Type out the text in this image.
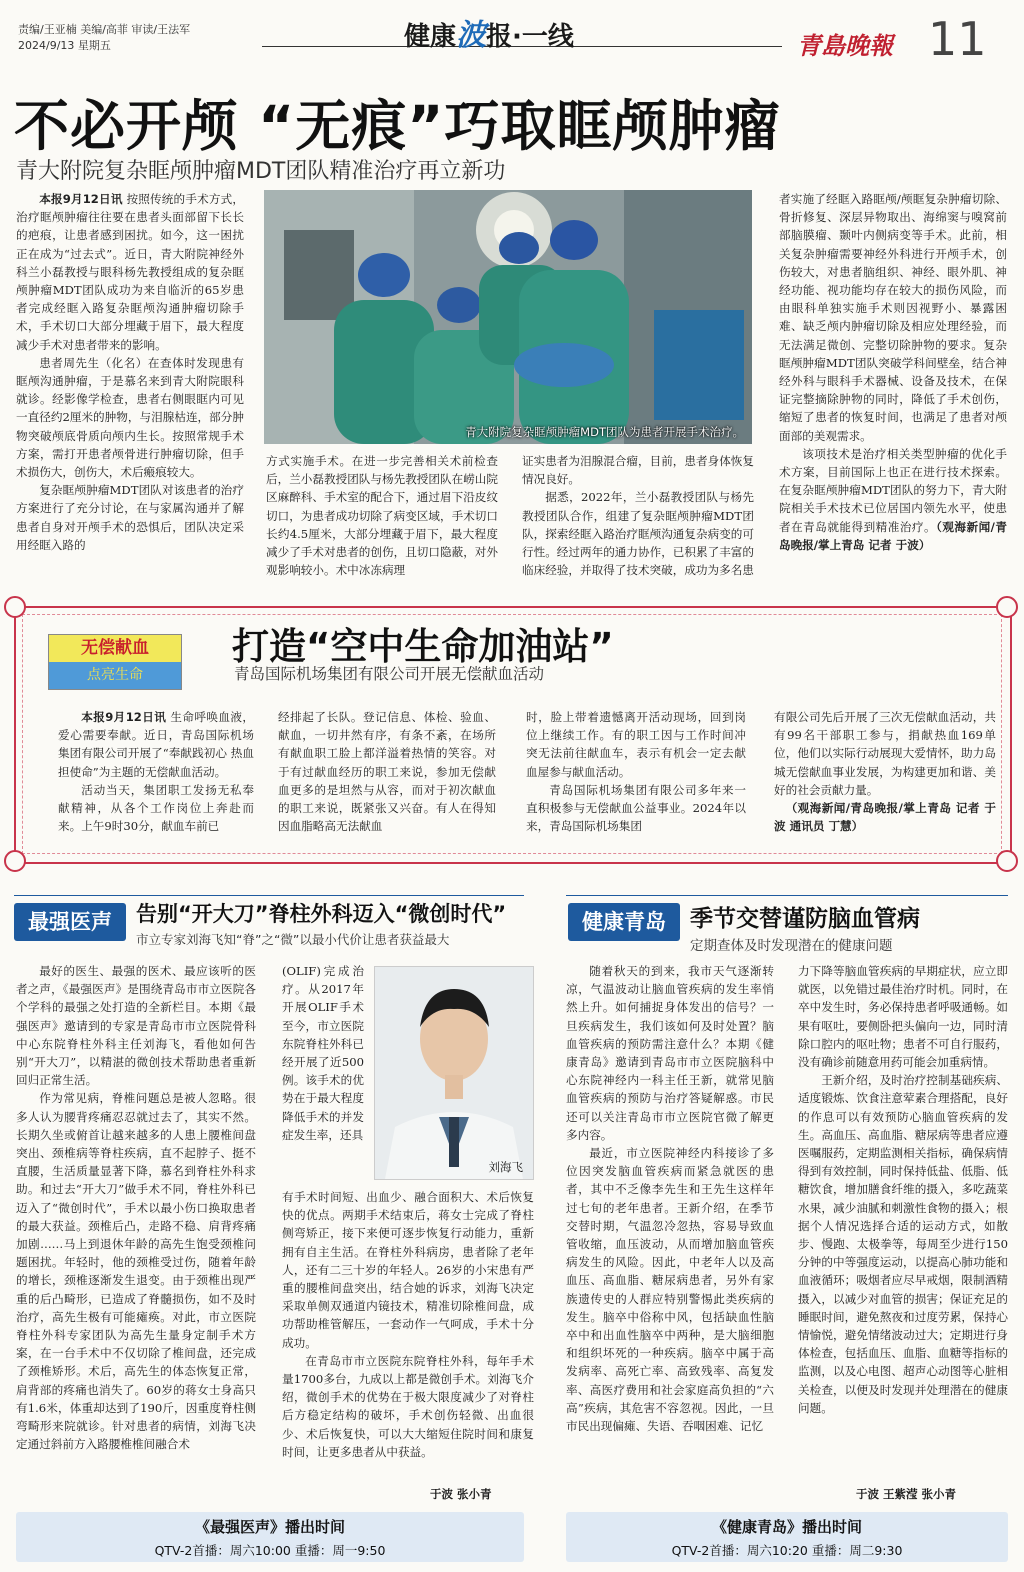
责编/王亚楠 美编/高菲 审读/王法军
2024/9/13 星期五	健康波报·一线	青島晚報 11
不必开颅 “无痕”巧取眶颅肿瘤
青大附院复杂眶颅肿瘤MDT团队精准治疗再立新功

本报9月12日讯 按照传统的手术方式，治疗眶颅肿瘤往往要在患者头面部留下长长的疤痕，让患者感到困扰。如今，这一困扰正在成为“过去式”。近日，青大附院神经外科兰小磊教授与眼科杨先教授组成的复杂眶颅肿瘤MDT团队成功为来自临沂的65岁患者完成经眶入路复杂眶颅沟通肿瘤切除手术，手术切口大部分埋藏于眉下，最大程度减少手术对患者带来的影响。

患者周先生（化名）在查体时发现患有眶颅沟通肿瘤，于是慕名来到青大附院眼科就诊。经影像学检查，患者右侧眼眶内可见一直径约2厘米的肿物，与泪腺枯连，部分肿物突破颅底骨质向颅内生长。按照常规手术方案，需打开患者颅骨进行肿瘤切除，但手术损伤大，创伤大，术后瘢痕较大。

复杂眶颅肿瘤MDT团队对该患者的治疗方案进行了充分讨论，在与家属沟通并了解患者自身对开颅手术的恐惧后，团队决定采用经眶入路的

青大附院复杂眶颅肿瘤MDT团队为患者开展手术治疗。

方式实施手术。在进一步完善相关术前检查后，兰小磊教授团队与杨先教授团队在崂山院区麻醉科、手术室的配合下，通过眉下沿皮纹切口，为患者成功切除了病变区域，手术切口长约4.5厘米，大部分埋藏于眉下，最大程度减少了手术对患者的创伤，且切口隐蔽，对外观影响较小。术中冰冻病理

证实患者为泪腺混合瘤，目前，患者身体恢复情况良好。

据悉，2022年，兰小磊教授团队与杨先教授团队合作，组建了复杂眶颅肿瘤MDT团队，探索经眶入路治疗眶颅沟通复杂病变的可行性。经过两年的通力协作，已积累了丰富的临床经验，并取得了技术突破，成功为多名患

者实施了经眶入路眶颅/颅眶复杂肿瘤切除、骨折修复、深层异物取出、海绵窦与嗅窝前部脑膜瘤、颞叶内侧病变等手术。此前，相关复杂肿瘤需要神经外科进行开颅手术，创伤较大，对患者脑组织、神经、眼外肌、神经功能、视功能均存在较大的损伤风险，而由眼科单独实施手术则因视野小、暴露困难、缺乏颅内肿瘤切除及相应处理经验，而无法满足微创、完整切除肿物的要求。复杂眶颅肿瘤MDT团队突破学科间壁垒，结合神经外科与眼科手术器械、设备及技术，在保证完整摘除肿物的同时，降低了手术创伤，缩短了患者的恢复时间，也满足了患者对颅面部的美观需求。

该项技术是治疗相关类型肿瘤的优化手术方案，目前国际上也正在进行技术探索。在复杂眶颅肿瘤MDT团队的努力下，青大附院相关手术技术已位居国内领先水平，使患者在青岛就能得到精准治疗。（观海新闻/青岛晚报/掌上青岛 记者 于波）

无偿献血
点亮生命
打造“空中生命加油站”
青岛国际机场集团有限公司开展无偿献血活动

本报9月12日讯 生命呼唤血液，爱心需要奉献。近日，青岛国际机场集团有限公司开展了“奉献践初心 热血担使命”为主题的无偿献血活动。

活动当天，集团职工发扬无私奉献精神，从各个工作岗位上奔赴而来。上午9时30分，献血车前已

经排起了长队。登记信息、体检、验血、献血，一切井然有序，有条不紊，在场所有献血职工脸上都洋溢着热情的笑容。对于有过献血经历的职工来说，参加无偿献血更多的是坦然与从容，而对于初次献血的职工来说，既紧张又兴奋。有人在得知因血脂略高无法献血

时，脸上带着遗憾离开活动现场，回到岗位上继续工作。有的职工因与工作时间冲突无法前往献血车，表示有机会一定去献血屋参与献血活动。

青岛国际机场集团有限公司多年来一直积极参与无偿献血公益事业。2024年以来，青岛国际机场集团

有限公司先后开展了三次无偿献血活动，共有99名干部职工参与，捐献热血169单位，他们以实际行动展现大爱情怀，助力岛城无偿献血事业发展，为构建更加和谐、美好的社会贡献力量。

（观海新闻/青岛晚报/掌上青岛 记者 于波 通讯员 丁慧）

最强医声	告别“开大刀”脊柱外科迈入“微创时代”
市立专家刘海飞知“脊”之“微”以最小代价让患者获益最大

最好的医生、最强的医术、最应该听的医者之声，《最强医声》是围绕青岛市市立医院各个学科的最强之处打造的全新栏目。本期《最强医声》邀请到的专家是青岛市市立医院骨科中心东院脊柱外科主任刘海飞，看他如何告别“开大刀”，以精湛的微创技术帮助患者重新回归正常生活。

作为常见病，脊椎问题总是被人忽略。很多人认为腰背疼痛忍忍就过去了，其实不然。长期久坐或俯首让越来越多的人患上腰椎间盘突出、颈椎病等脊柱疾病，直不起脖子、挺不直腰，生活质量显著下降，慕名到脊柱外科求助。和过去“开大刀”做手术不同，脊柱外科已迈入了“微创时代”，手术以最小伤口换取患者的最大获益。颈椎后凸，走路不稳、肩背疼痛加剧……马上到退休年龄的高先生饱受颈椎问题困扰。年轻时，他的颈椎受过伤，随着年龄的增长，颈椎逐渐发生退变。由于颈椎出现严重的后凸畸形，已造成了脊髓损伤，如不及时治疗，高先生极有可能瘫痪。对此，市立医院脊柱外科专家团队为高先生量身定制手术方案，在一台手术中不仅切除了椎间盘，还完成了颈椎矫形。术后，高先生的体态恢复正常，肩背部的疼痛也消失了。60岁的蒋女士身高只有1.6米，体重却达到了190斤，因重度脊柱侧弯畸形来院就诊。针对患者的病情，刘海飞决定通过斜前方入路腰椎椎间融合术

(OLIF)完成治疗。从2017年开展OLIF手术至今，市立医院东院脊柱外科已经开展了近500例。该手术的优势在于最大程度降低手术的并发症发生率，还具

刘海飞

有手术时间短、出血少、融合面积大、术后恢复快的优点。两期手术结束后，蒋女士完成了脊柱侧弯矫正，接下来便可逐步恢复行动能力，重新拥有自主生活。在脊柱外科病房，患者除了老年人，还有二三十岁的年轻人。26岁的小宋患有严重的腰椎间盘突出，结合她的诉求，刘海飞决定采取单侧双通道内镜技术，精准切除椎间盘，成功帮助椎管解压，一套动作一气呵成，手术十分成功。

在青岛市市立医院东院脊柱外科，每年手术量1700多台，九成以上都是微创手术。刘海飞介绍，微创手术的优势在于极大限度减少了对脊柱后方稳定结构的破坏，手术创伤轻微、出血很少、术后恢复快，可以大大缩短住院时间和康复时间，让更多患者从中获益。

于波 张小青
健康青岛	季节交替谨防脑血管病
定期查体及时发现潜在的健康问题

随着秋天的到来，我市天气逐渐转凉，气温波动让脑血管疾病的发生率悄然上升。如何捕捉身体发出的信号？一旦疾病发生，我们该如何及时处置？脑血管疾病的预防需注意什么？本期《健康青岛》邀请到青岛市市立医院脑科中心东院神经内一科主任王新，就常见脑血管疾病的预防与治疗答疑解惑。市民还可以关注青岛市市立医院官微了解更多内容。

最近，市立医院神经内科接诊了多位因突发脑血管疾病而紧急就医的患者，其中不乏像李先生和王先生这样年过七旬的老年患者。王新介绍，在季节交替时期，气温忽冷忽热，容易导致血管收缩，血压波动，从而增加脑血管疾病发生的风险。因此，中老年人以及高血压、高血脂、糖尿病患者，另外有家族遗传史的人群应特别警惕此类疾病的发生。脑卒中俗称中风，包括缺血性脑卒中和出血性脑卒中两种，是大脑细胞和组织坏死的一种疾病。脑卒中属于高发病率、高死亡率、高致残率、高复发率、高医疗费用和社会家庭高负担的“六高”疾病，其危害不容忽视。因此，一旦市民出现偏瘫、失语、吞咽困难、记忆

力下降等脑血管疾病的早期症状，应立即就医，以免错过最佳治疗时机。同时，在卒中发生时，务必保持患者呼吸通畅。如果有呕吐，要侧卧把头偏向一边，同时清除口腔内的呕吐物；患者不可自行服药，没有确诊前随意用药可能会加重病情。

王新介绍，及时治疗控制基础疾病、适度锻炼、饮食注意荤素合理搭配，良好的作息可以有效预防心脑血管疾病的发生。高血压、高血脂、糖尿病等患者应遵医嘱服药，定期监测相关指标，确保病情得到有效控制，同时保持低盐、低脂、低糖饮食，增加膳食纤维的摄入，多吃蔬菜水果，减少油腻和刺激性食物的摄入；根据个人情况选择合适的运动方式，如散步、慢跑、太极拳等，每周至少进行150分钟的中等强度运动，以提高心肺功能和血液循环；吸烟者应尽早戒烟，限制酒精摄入，以减少对血管的损害；保证充足的睡眠时间，避免熬夜和过度劳累，保持心情愉悦，避免情绪波动过大；定期进行身体检查，包括血压、血脂、血糖等指标的监测，以及心电图、超声心动图等心脏相关检查，以便及时发现并处理潜在的健康问题。

于波 王紫滢 张小青
《最强医声》播出时间
QTV-2首播：周六10:00 重播：周一9:50
《健康青岛》播出时间
QTV-2首播：周六10:20 重播：周二9:30
